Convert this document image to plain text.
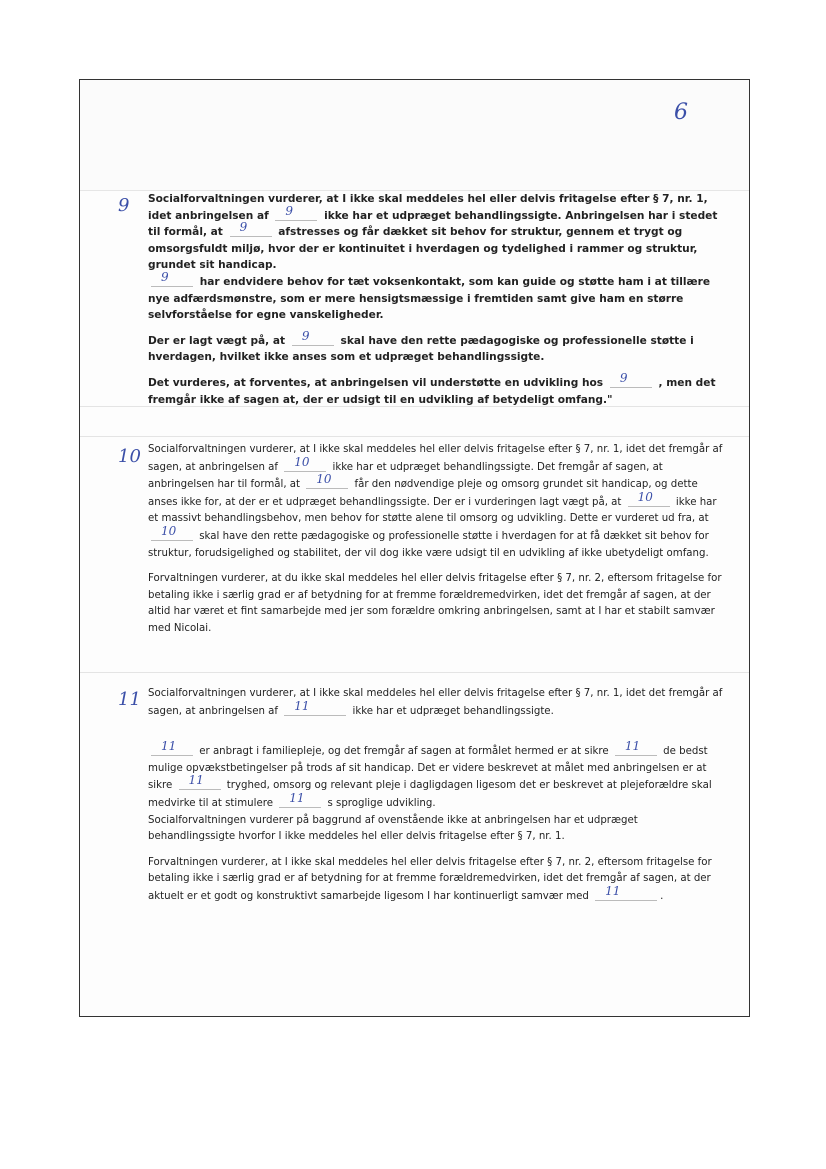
6
9 Socialforvaltningen vurderer, at I ikke skal meddeles hel eller delvis fritagelse efter § 7, nr. 1, idet anbringelsen af 9	ikke har et udpræget behandlingssigte. Anbringelsen har i stedet til formål, at 9	afstresses og får dækket sit behov for struktur, gennem et trygt og omsorgsfuldt miljø, hvor der er kontinuitet i hverdagen og tydelighed i rammer og struktur, grundet sit handicap.

9	har endvidere behov for tæt voksenkontakt, som kan guide og støtte ham i at tillære nye adfærdsmønstre, som er mere hensigtsmæssige i fremtiden samt give ham en større selvforståelse for egne vanskeligheder.

Der er lagt vægt på, at 9	skal have den rette pædagogiske og professionelle støtte i hverdagen, hvilket ikke anses som et udpræget behandlingssigte.

Det vurderes, at forventes, at anbringelsen vil understøtte en udvikling hos 9	, men det fremgår ikke af sagen at, der er udsigt til en udvikling af betydeligt omfang."

10 Socialforvaltningen vurderer, at I ikke skal meddeles hel eller delvis fritagelse efter § 7, nr. 1, idet det fremgår af sagen, at anbringelsen af 10 ikke har et udpræget behandlingssigte. Det fremgår af sagen, at anbringelsen har til formål, at 10 får den nødvendige pleje og omsorg grundet sit handicap, og dette anses ikke for, at der er et udpræget behandlingssigte. Der er i vurderingen lagt vægt på, at 10 ikke har et massivt behandlingsbehov, men behov for støtte alene til omsorg og udvikling. Dette er vurderet ud fra, at
10 skal have den rette pædagogiske og professionelle støtte i hverdagen for at få dækket sit behov for struktur, forudsigelighed og stabilitet, der vil dog ikke være udsigt til en udvikling af ikke ubetydeligt omfang.

Forvaltningen vurderer, at du ikke skal meddeles hel eller delvis fritagelse efter § 7, nr. 2, eftersom fritagelse for betaling ikke i særlig grad er af betydning for at fremme forældremedvirken, idet det fremgår af sagen, at der altid har været et fint samarbejde med jer som forældre omkring anbringelsen, samt at I har et stabilt samvær med Nicolai.

11 Socialforvaltningen vurderer, at I ikke skal meddeles hel eller delvis fritagelse efter § 7, nr. 1, idet det fremgår af sagen, at anbringelsen af 11	ikke har et udpræget behandlingssigte.

11 er anbragt i familiepleje, og det fremgår af sagen at formålet hermed er at sikre 11 de bedst mulige opvækstbetingelser på trods af sit handicap. Det er videre beskrevet at målet med anbringelsen er at sikre 11 tryghed, omsorg og relevant pleje i dagligdagen ligesom det er beskrevet at plejeforældre skal medvirke til at stimulere 11 s sproglige udvikling.
Socialforvaltningen vurderer på baggrund af ovenstående ikke at anbringelsen har et udpræget behandlingssigte hvorfor I ikke meddeles hel eller delvis fritagelse efter § 7, nr. 1.

Forvaltningen vurderer, at I ikke skal meddeles hel eller delvis fritagelse efter § 7, nr. 2, eftersom fritagelse for betaling ikke i særlig grad er af betydning for at fremme forældremedvirken, idet det fremgår af sagen, at der aktuelt er et godt og konstruktivt samarbejde ligesom I har kontinuerligt samvær med 11	.
